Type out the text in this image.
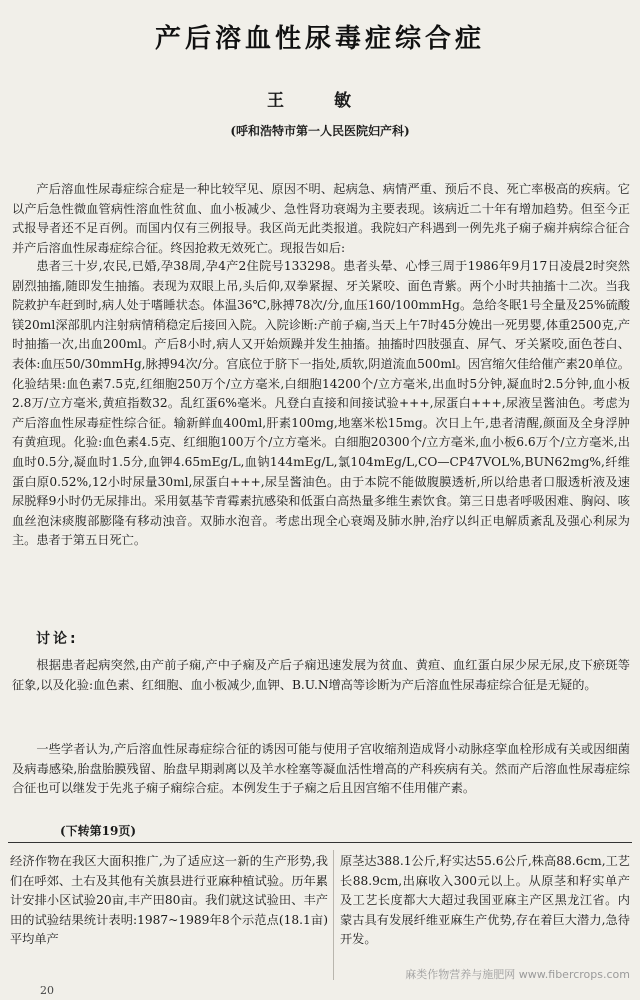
产后溶血性尿毒症综合症
王 敏
(呼和浩特市第一人民医院妇产科)
产后溶血性尿毒症综合症是一种比较罕见、原因不明、起病急、病情严重、预后不良、死亡率极高的疾病。它以产后急性微血管病性溶血性贫血、血小板减少、急性肾功衰竭为主要表现。该病近二十年有增加趋势。但至今正式报导者还不足百例。而国内仅有三例报导。我区尚无此类报道。我院妇产科遇到一例先兆子痫子痫并病综合征合并产后溶血性尿毒症综合征。终因抢救无效死亡。现报告如后:
患者三十岁,农民,已婚,孕38周,孕4产2住院号133298。患者头晕、心悸三周于1986年9月17日凌晨2时突然剧烈抽搐,随即发生抽搐。表现为双眼上吊,头后仰,双拳紧握、牙关紧咬、面色青紫。两个小时共抽搐十二次。当我院救护车赶到时,病人处于嗜睡状态。体温36℃,脉搏78次/分,血压160/100mmHg。急给冬眠1号全量及25%硫酸镁20ml深部肌内注射病情稍稳定后接回入院。入院诊断:产前子痫,当天上午7时45分娩出一死男婴,体重2500克,产时抽搐一次,出血200ml。产后8小时,病人又开始烦躁并发生抽搐。抽搐时四肢强直、屏气、牙关紧咬,面色苍白、表体:血压50/30mmHg,脉搏94次/分。宫底位于脐下一指处,质软,阴道流血500ml。因宫缩欠佳给催产素20单位。化验结果:血色素7.5克,红细胞250万个/立方毫米,白细胞14200个/立方毫米,出血时5分钟,凝血时2.5分钟,血小板2.8万/立方毫米,黄疸指数32。乱红蛋6%毫米。凡登白直接和间接试验+++,尿蛋白+++,尿液呈酱油色。考虑为产后溶血性尿毒症性综合征。输新鲜血400ml,肝素100mg,地塞米松15mg。次日上午,患者清醒,颜面及全身浮肿有黄疸现。化验:血色素4.5克、红细胞100万个/立方毫米。白细胞20300个/立方毫米,血小板6.6万个/立方毫米,出血时0.5分,凝血时1.5分,血钾4.65mEg/L,血钠144mEg/L,氯104mEg/L,CO—CP47VOL%,BUN62mg%,纤维蛋白原0.52%,12小时尿量30ml,尿蛋白+++,尿呈酱油色。由于本院不能做腹膜透析,所以给患者口服透析液及速尿脱释9小时仍无尿排出。采用氨基苄青霉素抗感染和低蛋白高热量多维生素饮食。第三日患者呼吸困难、胸闷、咳血丝泡沫痰腹部膨隆有移动浊音。双肺水泡音。考虑出现全心衰竭及肺水肿,治疗以纠正电解质紊乱及强心利尿为主。患者于第五日死亡。
讨论:
根据患者起病突然,由产前子痫,产中子痫及产后子痫迅速发展为贫血、黄疸、血红蛋白尿少尿无尿,皮下瘀斑等征象,以及化验:血色素、红细胞、血小板减少,血钾、B.U.N增高等诊断为产后溶血性尿毒症综合征是无疑的。
一些学者认为,产后溶血性尿毒症综合征的诱因可能与使用子宫收缩剂造成肾小动脉痉挛血栓形成有关或因细菌及病毒感染,胎盘胎膜残留、胎盘早期剥离以及羊水栓塞等凝血活性增高的产科疾病有关。然而产后溶血性尿毒症综合征也可以继发于先兆子痫子痫综合症。本例发生于子痫之后且因宫缩不佳用催产素。
(下转第19页)
经济作物在我区大面积推广,为了适应这一新的生产形势,我们在呼郊、土右及其他有关旗县进行亚麻种植试验。历年累计安排小区试验20亩,丰产田80亩。我们就这试验田、丰产田的试验结果统计表明:1987~1989年8个示范点(18.1亩)平均单产
原茎达388.1公斤,籽实达55.6公斤,株高88.6cm,工艺长88.9cm,出麻收入300元以上。从原茎和籽实单产及工艺长度都大大超过我国亚麻主产区黑龙江省。内蒙古具有发展纤维亚麻生产优势,存在着巨大潜力,急待开发。
20
麻类作物营养与施肥网 www.fibercrops.com
